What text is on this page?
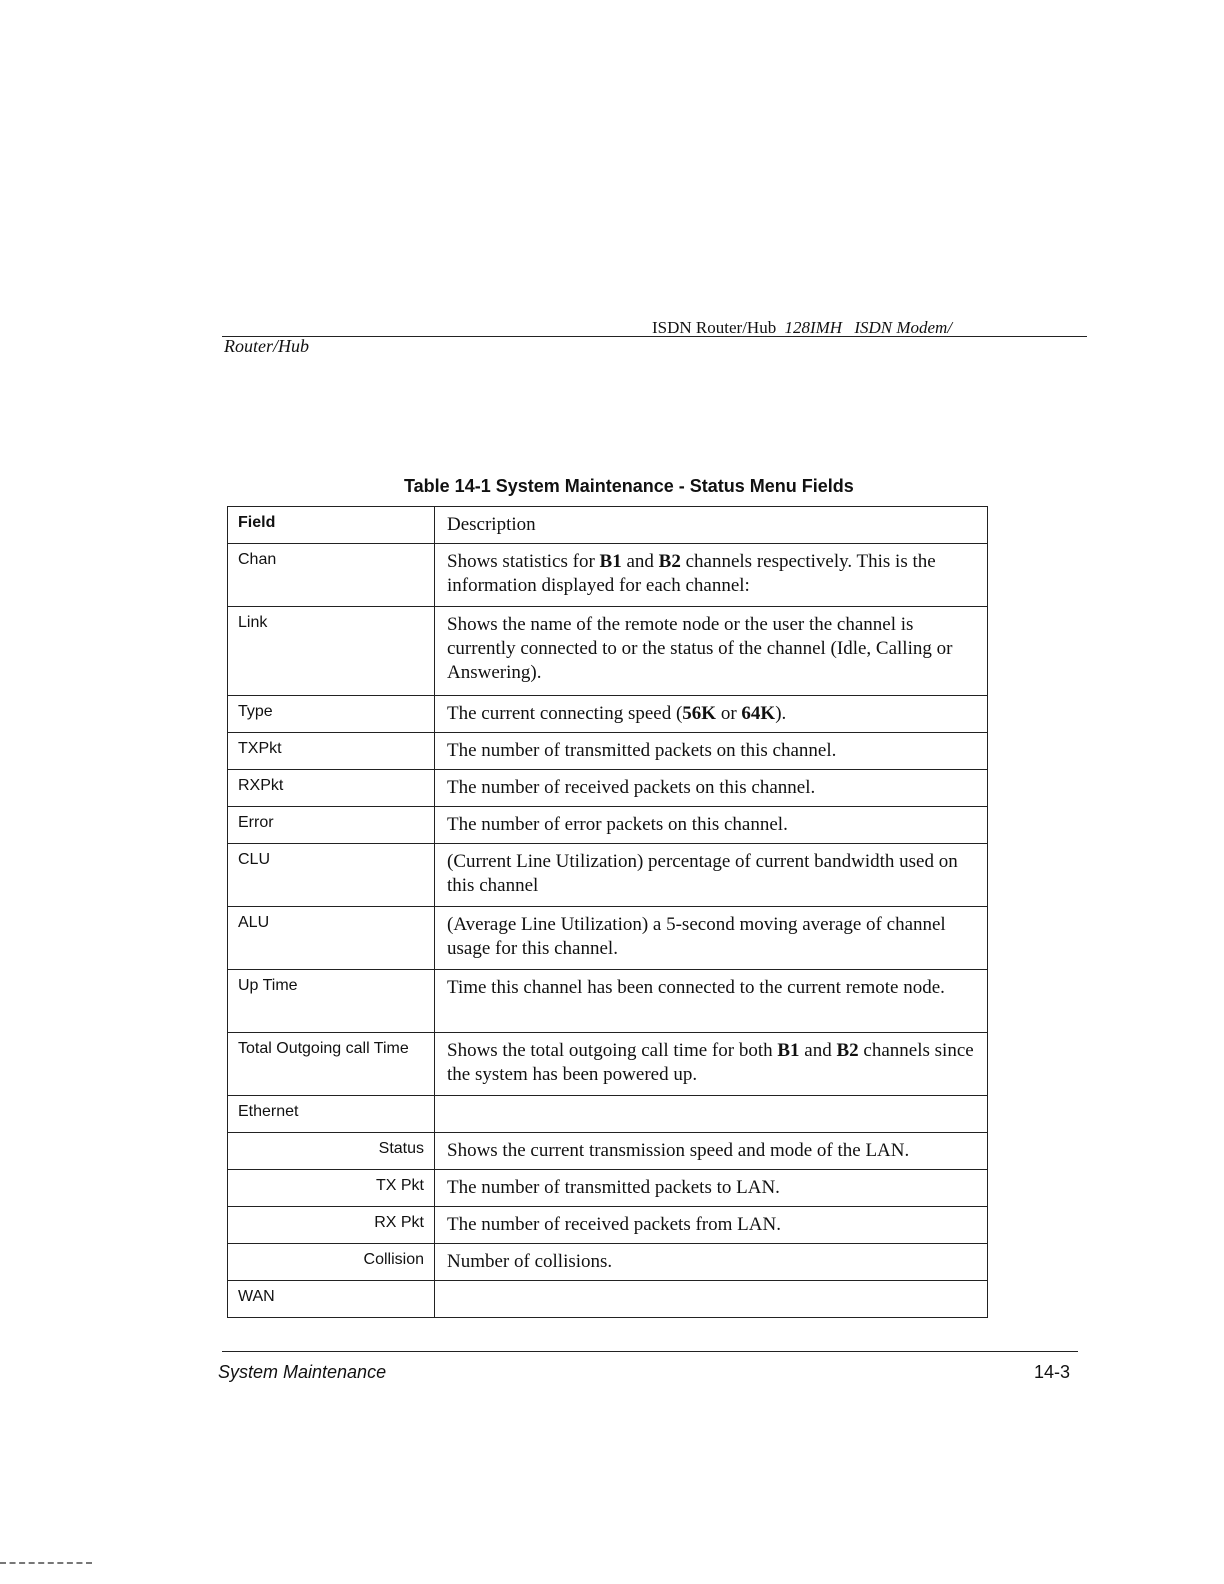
ISDN Router/Hub 128IMH ISDN Modem/
Router/Hub
Table 14-1 System Maintenance - Status Menu Fields
Field	Description
Chan	Shows statistics for B1 and B2 channels respectively. This is the information displayed for each channel:
Link	Shows the name of the remote node or the user the channel is currently connected to or the status of the channel (Idle, Calling or Answering).
Type	The current connecting speed (56K or 64K).
TXPkt	The number of transmitted packets on this channel.
RXPkt	The number of received packets on this channel.
Error	The number of error packets on this channel.
CLU	(Current Line Utilization) percentage of current bandwidth used on this channel
ALU	(Average Line Utilization) a 5-second moving average of channel usage for this channel.
Up Time	Time this channel has been connected to the current remote node.
Total Outgoing call Time	Shows the total outgoing call time for both B1 and B2 channels since the system has been powered up.
Ethernet	
Status	Shows the current transmission speed and mode of the LAN.
TX Pkt	The number of transmitted packets to LAN.
RX Pkt	The number of received packets from LAN.
Collision	Number of collisions.
WAN	
System Maintenance	14-3
